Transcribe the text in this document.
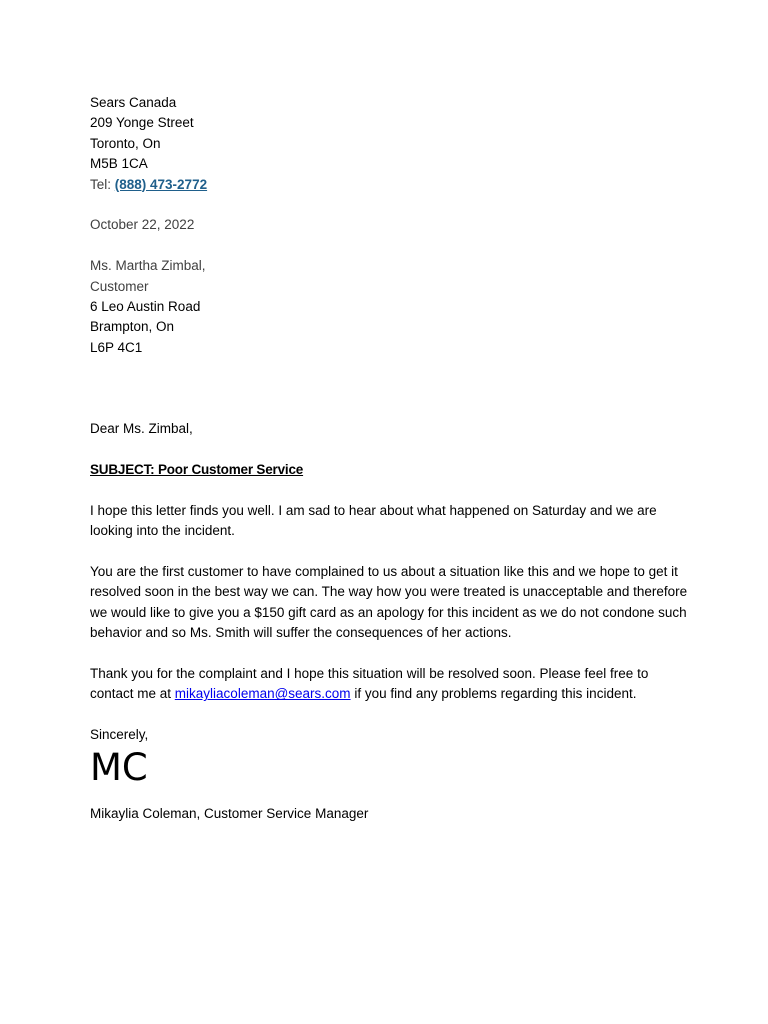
Sears Canada
209 Yonge Street
Toronto, On
M5B 1CA
Tel: (888) 473-2772
October 22, 2022
Ms. Martha Zimbal,
Customer
6 Leo Austin Road
Brampton, On
L6P 4C1
Dear Ms. Zimbal,
SUBJECT: Poor Customer Service

I hope this letter finds you well. I am sad to hear about what happened on Saturday and we are looking into the incident.

You are the first customer to have complained to us about a situation like this and we hope to get it resolved soon in the best way we can. The way how you were treated is unacceptable and therefore we would like to give you a $150 gift card as an apology for this incident as we do not condone such behavior and so Ms. Smith will suffer the consequences of her actions.

Thank you for the complaint and I hope this situation will be resolved soon. Please feel free to contact me at mikayliacoleman@sears.com if you find any problems regarding this incident.

Sincerely,
MC
Mikaylia Coleman, Customer Service Manager
